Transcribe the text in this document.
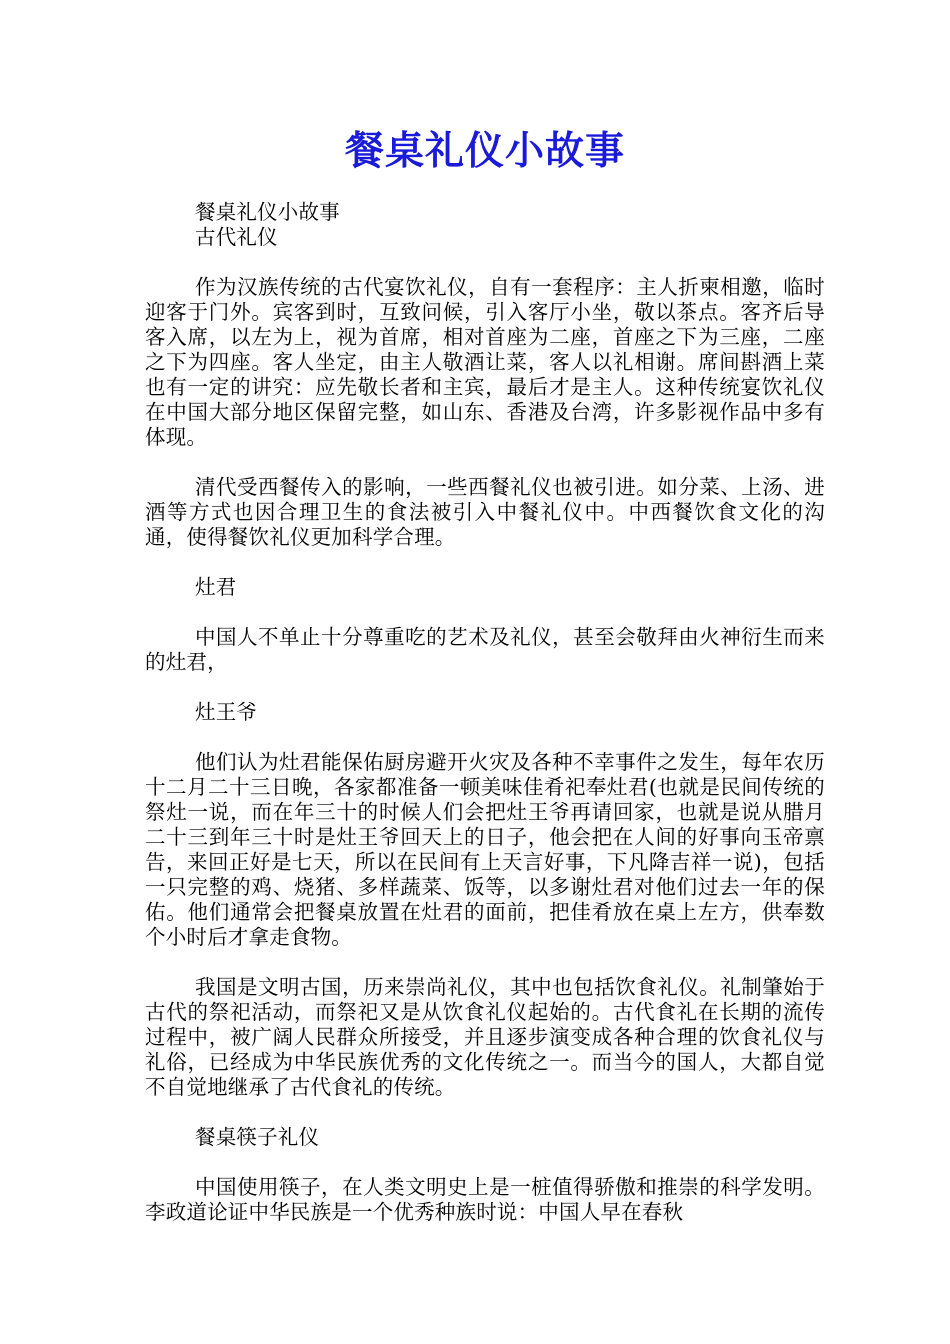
餐桌礼仪小故事

餐桌礼仪小故事

古代礼仪

作为汉族传统的古代宴饮礼仪，自有一套程序：主人折柬相邀，临时迎客于门外。宾客到时，互致问候，引入客厅小坐，敬以茶点。客齐后导客入席，以左为上，视为首席，相对首座为二座，首座之下为三座，二座之下为四座。客人坐定，由主人敬酒让菜，客人以礼相谢。席间斟酒上菜也有一定的讲究：应先敬长者和主宾，最后才是主人。这种传统宴饮礼仪在中国大部分地区保留完整，如山东、香港及台湾，许多影视作品中多有体现。

清代受西餐传入的影响，一些西餐礼仪也被引进。如分菜、上汤、进酒等方式也因合理卫生的食法被引入中餐礼仪中。中西餐饮食文化的沟通，使得餐饮礼仪更加科学合理。

灶君

中国人不单止十分尊重吃的艺术及礼仪，甚至会敬拜由火神衍生而来的灶君，

灶王爷

他们认为灶君能保佑厨房避开火灾及各种不幸事件之发生，每年农历十二月二十三日晚，各家都准备一顿美味佳肴祀奉灶君(也就是民间传统的祭灶一说，而在年三十的时候人们会把灶王爷再请回家，也就是说从腊月二十三到年三十时是灶王爷回天上的日子，他会把在人间的好事向玉帝禀告，来回正好是七天，所以在民间有上天言好事，下凡降吉祥一说)，包括一只完整的鸡、烧猪、多样蔬菜、饭等，以多谢灶君对他们过去一年的保佑。他们通常会把餐桌放置在灶君的面前，把佳肴放在桌上左方，供奉数个小时后才拿走食物。

我国是文明古国，历来崇尚礼仪，其中也包括饮食礼仪。礼制肇始于古代的祭祀活动，而祭祀又是从饮食礼仪起始的。古代食礼在长期的流传过程中，被广阔人民群众所接受，并且逐步演变成各种合理的饮食礼仪与礼俗，已经成为中华民族优秀的文化传统之一。而当今的国人，大都自觉不自觉地继承了古代食礼的传统。

餐桌筷子礼仪

中国使用筷子，在人类文明史上是一桩值得骄傲和推崇的科学发明。李政道论证中华民族是一个优秀种族时说：中国人早在春秋
